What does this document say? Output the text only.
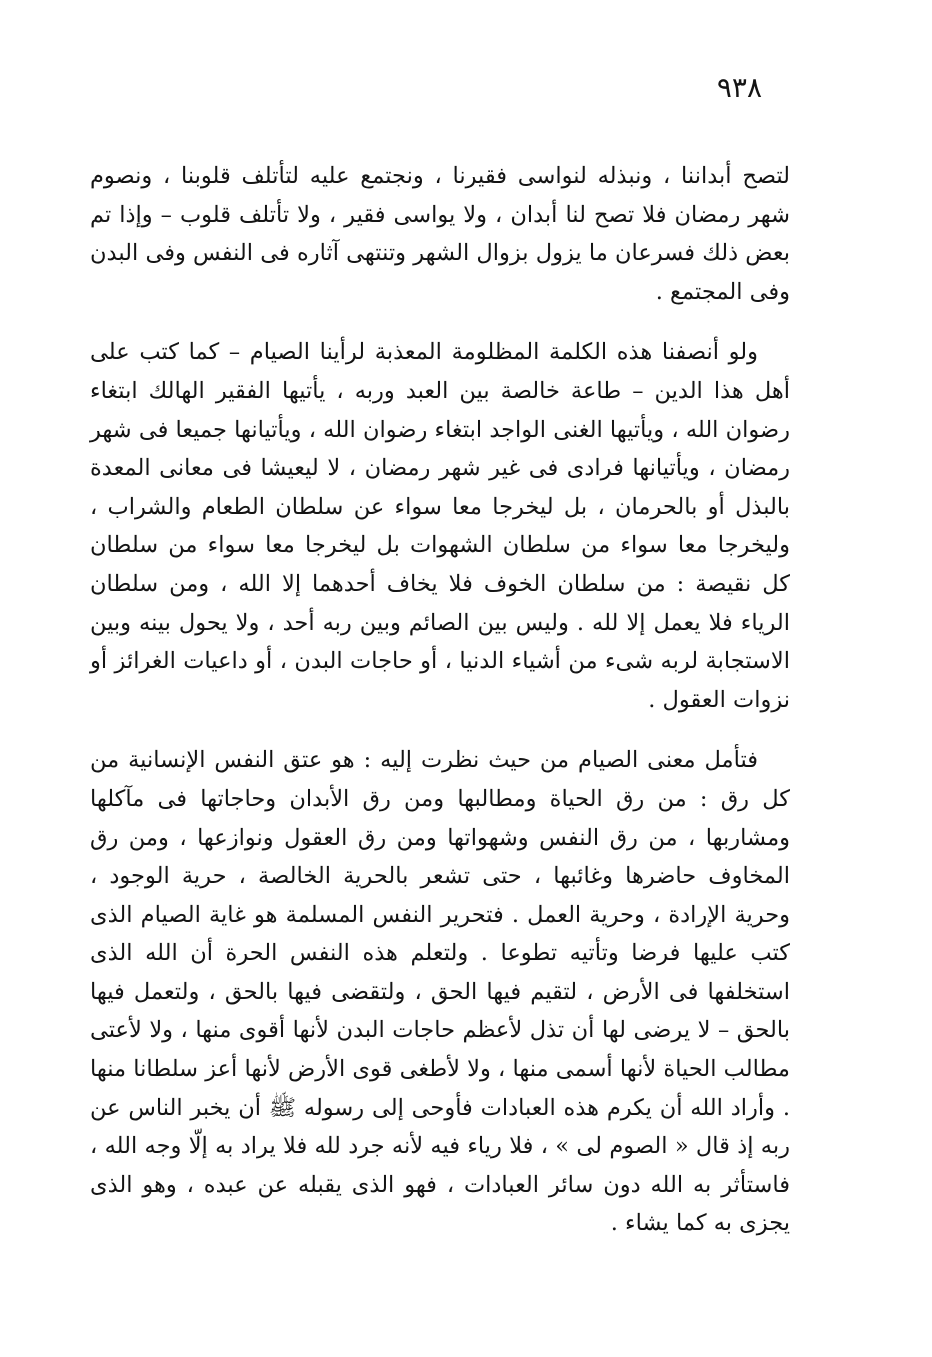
٩٣٨

لتصح أبداننا ، ونبذله لنواسى فقيرنا ، ونجتمع عليه لتأتلف قلوبنا ، ونصوم شهر رمضان فلا تصح لنا أبدان ، ولا يواسى فقير ، ولا تأتلف قلوب – وإذا تم بعض ذلك فسرعان ما يزول بزوال الشهر وتنتهى آثاره فى النفس وفى البدن وفى المجتمع .

ولو أنصفنا هذه الكلمة المظلومة المعذبة لرأينا الصيام – كما كتب على أهل هذا الدين – طاعة خالصة بين العبد وربه ، يأتيها الفقير الهالك ابتغاء رضوان الله ، ويأتيها الغنى الواجد ابتغاء رضوان الله ، ويأتيانها جميعا فى شهر رمضان ، ويأتيانها فرادى فى غير شهر رمضان ، لا ليعيشا فى معانى المعدة بالبذل أو بالحرمان ، بل ليخرجا معا سواء عن سلطان الطعام والشراب ، وليخرجا معا سواء من سلطان الشهوات بل ليخرجا معا سواء من سلطان كل نقيصة : من سلطان الخوف فلا يخاف أحدهما إلا الله ، ومن سلطان الرياء فلا يعمل إلا لله . وليس بين الصائم وبين ربه أحد ، ولا يحول بينه وبين الاستجابة لربه شىء من أشياء الدنيا ، أو حاجات البدن ، أو داعيات الغرائز أو نزوات العقول .

فتأمل معنى الصيام من حيث نظرت إليه : هو عتق النفس الإنسانية من كل رق : من رق الحياة ومطالبها ومن رق الأبدان وحاجاتها فى مآكلها ومشاربها ، من رق النفس وشهواتها ومن رق العقول ونوازعها ، ومن رق المخاوف حاضرها وغائبها ، حتى تشعر بالحرية الخالصة ، حرية الوجود ، وحرية الإرادة ، وحرية العمل . فتحرير النفس المسلمة هو غاية الصيام الذى كتب عليها فرضا وتأتيه تطوعا . ولتعلم هذه النفس الحرة أن الله الذى استخلفها فى الأرض ، لتقيم فيها الحق ، ولتقضى فيها بالحق ، ولتعمل فيها بالحق – لا يرضى لها أن تذل لأعظم حاجات البدن لأنها أقوى منها ، ولا لأعتى مطالب الحياة لأنها أسمى منها ، ولا لأطغى قوى الأرض لأنها أعز سلطانا منها . وأراد الله أن يكرم هذه العبادات فأوحى إلى رسوله ﷺ أن يخبر الناس عن ربه إذ قال « الصوم لى » ، فلا رياء فيه لأنه جرد لله فلا يراد به إلّا وجه الله ، فاستأثر به الله دون سائر العبادات ، فهو الذى يقبله عن عبده ، وهو الذى يجزى به كما يشاء .
